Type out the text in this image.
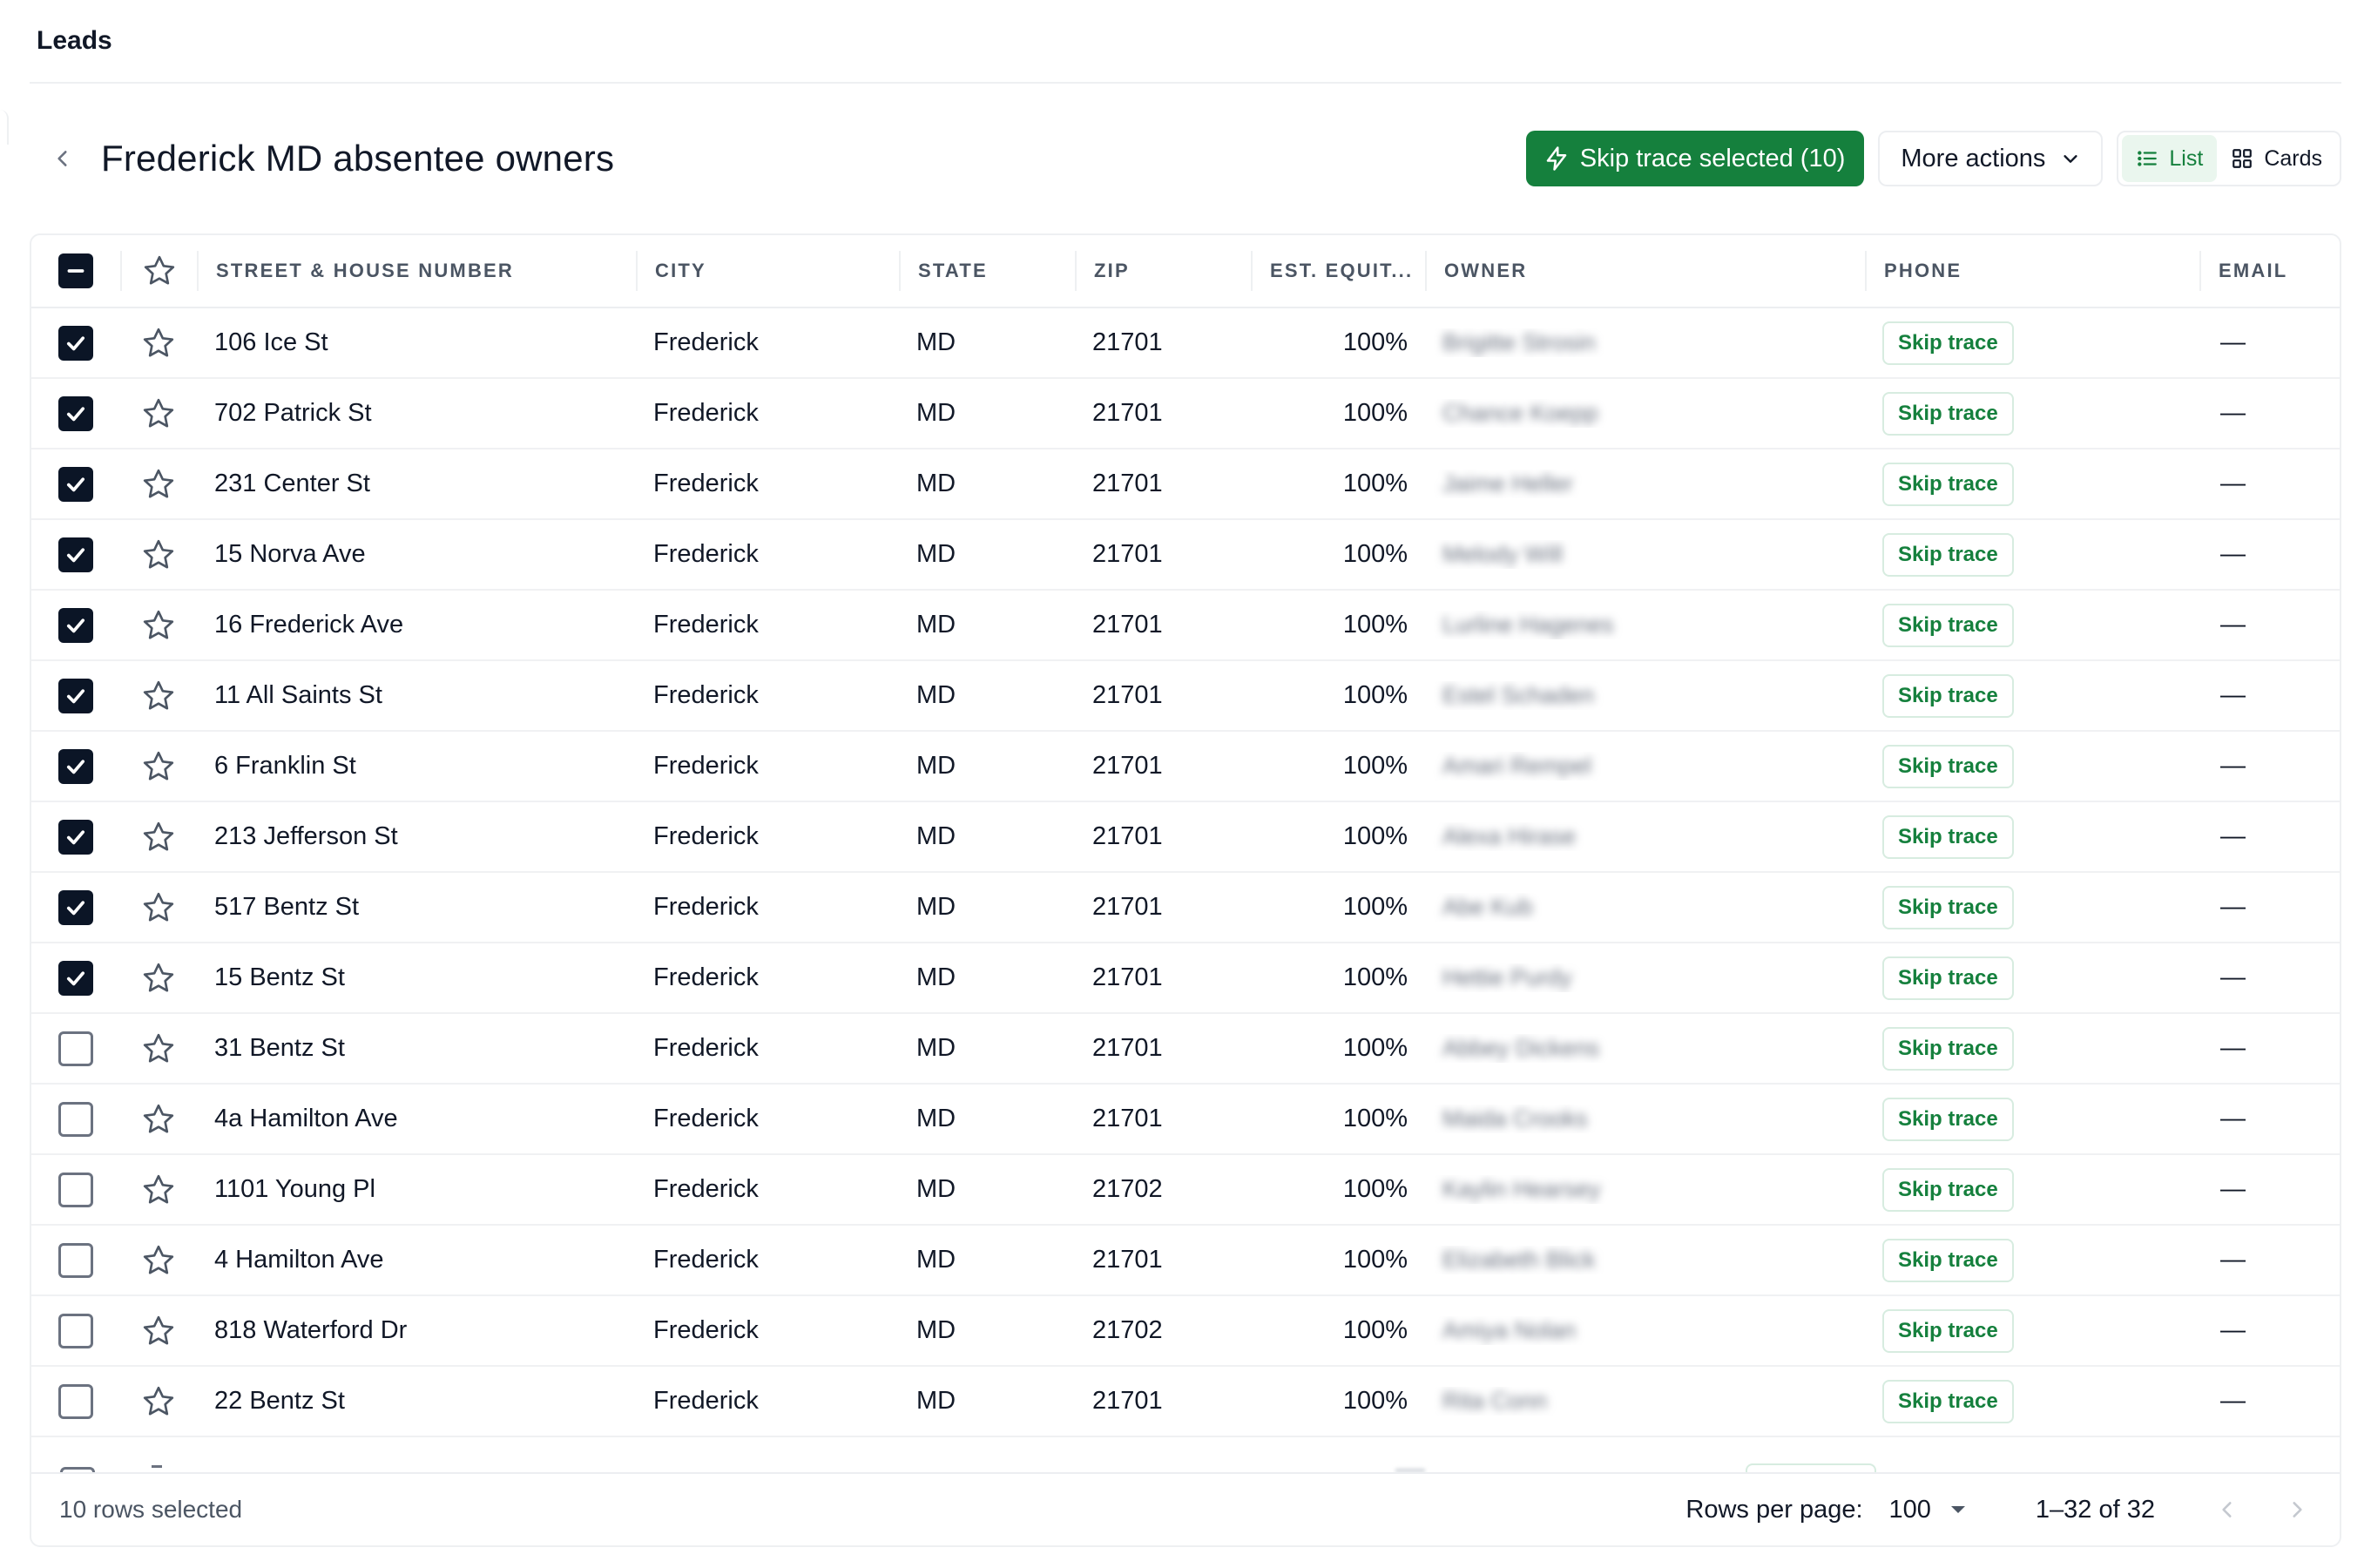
Leads
Frederick MD absentee owners	Skip trace selected (10) More actions	List	Cards
STREET & HOUSE NUMBER	CITY	STATE	ZIP	EST. EQUIT...	OWNER	PHONE	EMAIL
106 Ice St	Frederick	MD	21701	100%	Brigitte Strosin	Skip trace	—
702 Patrick St	Frederick	MD	21701	100%	Chance Koepp	Skip trace	—
231 Center St	Frederick	MD	21701	100%	Jaime Heller	Skip trace	—
15 Norva Ave	Frederick	MD	21701	100%	Melody Will	Skip trace	—
16 Frederick Ave	Frederick	MD	21701	100%	Lurline Hagenes	Skip trace	—
11 All Saints St	Frederick	MD	21701	100%	Estel Schaden	Skip trace	—
6 Franklin St	Frederick	MD	21701	100%	Amari Rempel	Skip trace	—
213 Jefferson St	Frederick	MD	21701	100%	Alexa Hirase	Skip trace	—
517 Bentz St	Frederick	MD	21701	100%	Abe Kub	Skip trace	—
15 Bentz St	Frederick	MD	21701	100%	Hettie Purdy	Skip trace	—
31 Bentz St	Frederick	MD	21701	100%	Abbey Dickens	Skip trace	—
4a Hamilton Ave	Frederick	MD	21701	100%	Maida Crooks	Skip trace	—
1101 Young Pl	Frederick	MD	21702	100%	Kaylin Hearsey	Skip trace	—
4 Hamilton Ave	Frederick	MD	21701	100%	Elizabeth Blick	Skip trace	—
818 Waterford Dr	Frederick	MD	21702	100%	Amiya Nolan	Skip trace	—
22 Bentz St	Frederick	MD	21701	100%	Rita Conn	Skip trace	—
10 rows selected	Rows per page: 100	1–32 of 32
